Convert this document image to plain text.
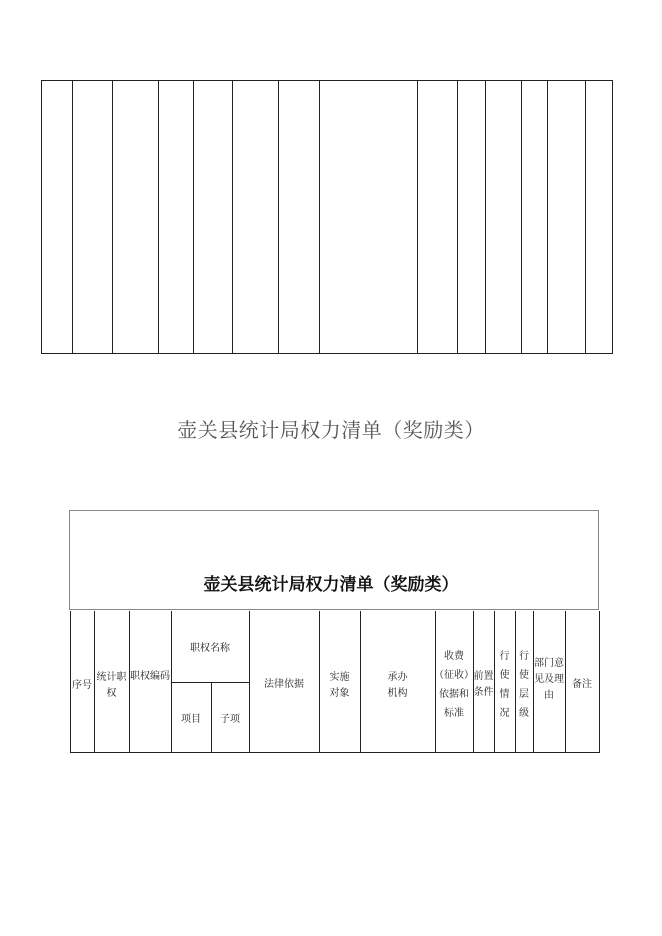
壶关县统计局权力清单（奖励类）
壶关县统计局权力清单（奖励类）
序号
统计职
权
职权编码
职权名称
项目	子项
法律依据
实施
对象
承办
机构
收费
（征收）
依据和
标准
前置
条件
行
使
情
况
行
使
层
级
部门意
见及理
由
备注
